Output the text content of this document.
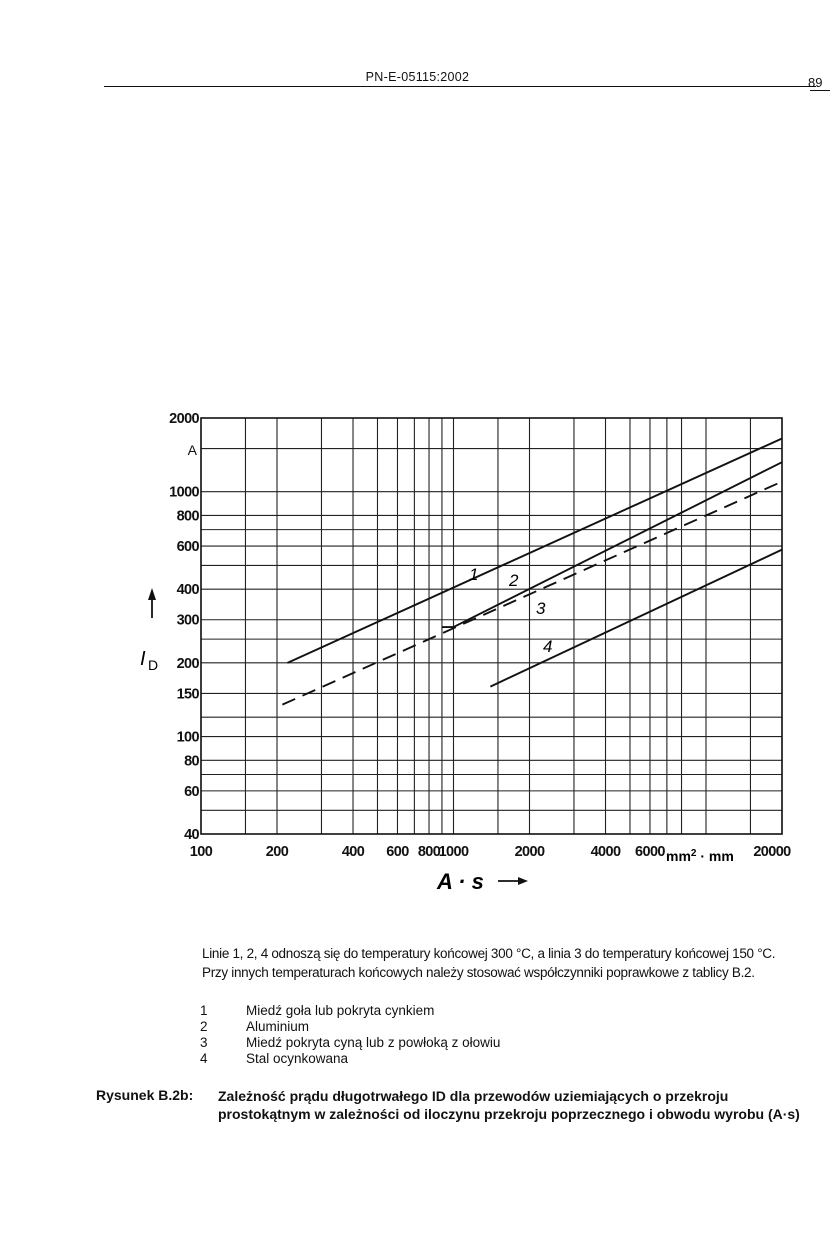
PN-E-05115:2002	89
2000
1000
800
600
400
300
200
150
100
80
60
40
100	200	400 600 800
1000	2000	4000 6000	20000
A
$mm^2$ · mm
A · s
I D
1 2
3
4
Linie 1, 2, 4 odnoszą się do temperatury końcowej 300 °C, a linia 3 do temperatury końcowej 150 °C.
Przy innych temperaturach końcowych należy stosować współczynniki poprawkowe z tablicy B.2.
1	Miedź goła lub pokryta cynkiem
2	Aluminium
3	Miedź pokryta cyną lub z powłoką z ołowiu
4	Stal ocynkowana
Rysunek B.2b: Zależność prądu długotrwałego ID dla przewodów uziemiających o przekroju prostokątnym w zależności od iloczynu przekroju poprzecznego i obwodu wyrobu (A·s)
